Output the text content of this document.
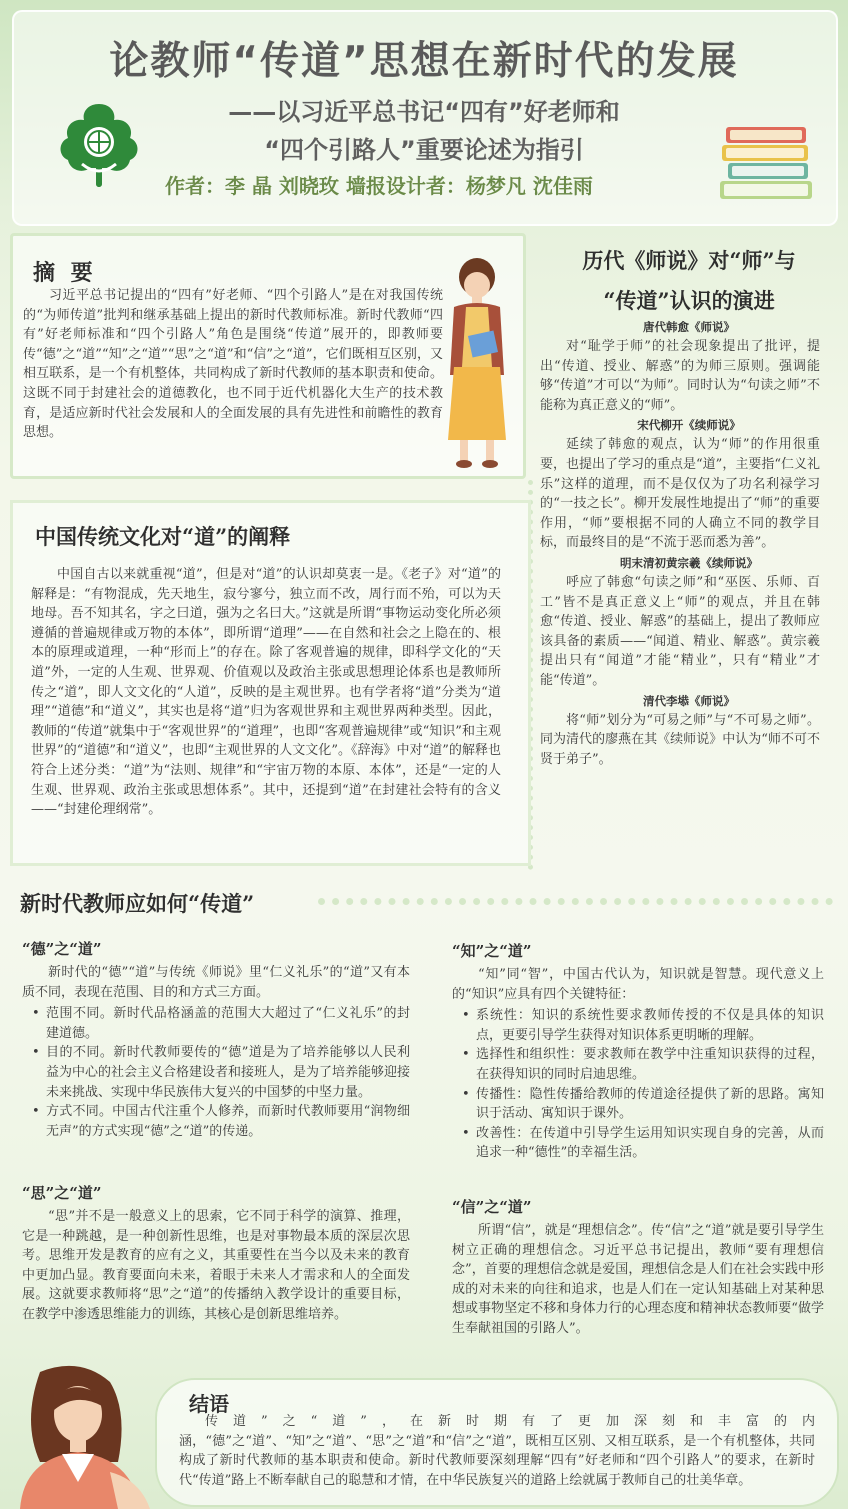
论教师“传道”思想在新时代的发展
——以习近平总书记“四有”好老师和
“四个引路人”重要论述为指引
作者：李 晶 刘晓玫 墙报设计者：杨梦凡 沈佳雨
摘 要

习近平总书记提出的“四有”好老师、“四个引路人”是在对我国传统的“为师传道”批判和继承基础上提出的新时代教师标准。新时代教师“四有”好老师标准和“四个引路人”角色是围绕“传道”展开的，即教师要传“德”之“道”“知”之“道”“思”之“道”和“信”之“道”，它们既相互区别，又相互联系，是一个有机整体，共同构成了新时代教师的基本职责和使命。这既不同于封建社会的道德教化，也不同于近代机器化大生产的技术教育，是适应新时代社会发展和人的全面发展的具有先进性和前瞻性的教育思想。

历代《师说》对“师”与
“传道”认识的演进
唐代韩愈《师说》

对“耻学于师”的社会现象提出了批评，提出“传道、授业、解惑”的为师三原则。强调能够“传道”才可以“为师”。同时认为“句读之师”不能称为真正意义的“师”。

宋代柳开《续师说》

延续了韩愈的观点，认为“师”的作用很重要，也提出了学习的重点是“道”，主要指“仁义礼乐”这样的道理，而不是仅仅为了功名利禄学习的“一技之长”。柳开发展性地提出了“师”的重要作用，“师”要根据不同的人确立不同的教学目标，而最终目的是“不流于恶而悉为善”。

明末清初黄宗羲《续师说》

呼应了韩愈“句读之师”和“巫医、乐师、百工”皆不是真正意义上“师”的观点，并且在韩愈“传道、授业、解惑”的基础上，提出了教师应该具备的素质——“闻道、精业、解惑”。黄宗羲提出只有“闻道”才能“精业”，只有“精业”才能“传道”。

清代李塨《师说》

将“师”划分为“可易之师”与“不可易之师”。同为清代的廖燕在其《续师说》中认为“师不可不贤于弟子”。

中国传统文化对“道”的阐释

中国自古以来就重视“道”，但是对“道”的认识却莫衷一是。《老子》对“道”的解释是：“有物混成，先天地生，寂兮寥兮，独立而不改，周行而不殆，可以为天地母。吾不知其名，字之曰道，强为之名曰大。”这就是所谓“事物运动变化所必须遵循的普遍规律或万物的本体”，即所谓“道理”——在自然和社会之上隐在的、根本的原理或道理，一种“形而上”的存在。除了客观普遍的规律，即科学文化的“天道”外，一定的人生观、世界观、价值观以及政治主张或思想理论体系也是教师所传之“道”，即人文文化的“人道”，反映的是主观世界。也有学者将“道”分类为“道理”“道德”和“道义”，其实也是将“道”归为客观世界和主观世界两种类型。因此，教师的“传道”就集中于“客观世界”的“道理”，也即“客观普遍规律”或“知识”和主观世界”的“道德”和“道义”，也即“主观世界的人文文化”。《辞海》中对“道”的解释也符合上述分类：“道”为“法则、规律”和“宇宙万物的本原、本体”，还是“一定的人生观、世界观、政治主张或思想体系”。其中，还提到“道”在封建社会特有的含义——“封建伦理纲常”。

新时代教师应如何“传道”
“德”之“道”

新时代的“德”“道”与传统《师说》里“仁义礼乐”的“道”又有本质不同，表现在范围、目的和方式三方面。

• 范围不同。新时代品格涵盖的范围大大超过了“仁义礼乐”的封建道德。
• 目的不同。新时代教师要传的“德”道是为了培养能够以人民利益为中心的社会主义合格建设者和接班人，是为了培养能够迎接未来挑战、实现中华民族伟大复兴的中国梦的中坚力量。
• 方式不同。中国古代注重个人修养，而新时代教师要用“润物细无声”的方式实现“德”之“道”的传递。
“思”之“道”

“思”并不是一般意义上的思索，它不同于科学的演算、推理，它是一种跳越，是一种创新性思维，也是对事物最本质的深层次思考。思维开发是教育的应有之义，其重要性在当今以及未来的教育中更加凸显。教育要面向未来，着眼于未来人才需求和人的全面发展。这就要求教师将“思”之“道”的传播纳入教学设计的重要目标，在教学中渗透思维能力的训练，其核心是创新思维培养。

“知”之“道”

“知”同“智”，中国古代认为，知识就是智慧。现代意义上的“知识”应具有四个关键特征：

• 系统性：知识的系统性要求教师传授的不仅是具体的知识点，更要引导学生获得对知识体系更明晰的理解。
• 选择性和组织性：要求教师在教学中注重知识获得的过程，在获得知识的同时启迪思维。
• 传播性：隐性传播给教师的传道途径提供了新的思路。寓知识于活动、寓知识于课外。
• 改善性：在传道中引导学生运用知识实现自身的完善，从而追求一种“德性”的幸福生活。
“信”之“道”

所谓“信”，就是“理想信念”。传“信”之“道”就是要引导学生树立正确的理想信念。习近平总书记提出，教师“要有理想信念”，首要的理想信念就是爱国，理想信念是人们在社会实践中形成的对未来的向往和追求，也是人们在一定认知基础上对某种思想或事物坚定不移和身体力行的心理态度和精神状态教师要“做学生奉献祖国的引路人”。

结语

传道”之“道”，在新时期有了更加深刻和丰富的内涵，“德”之“道”、“知”之“道”、“思”之“道”和“信”之“道”，既相互区别、又相互联系，是一个有机整体，共同构成了新时代教师的基本职责和使命。新时代教师要深刻理解“四有”好老师和“四个引路人”的要求，在新时代“传道”路上不断奉献自己的聪慧和才情，在中华民族复兴的道路上绘就属于教师自己的壮美华章。
